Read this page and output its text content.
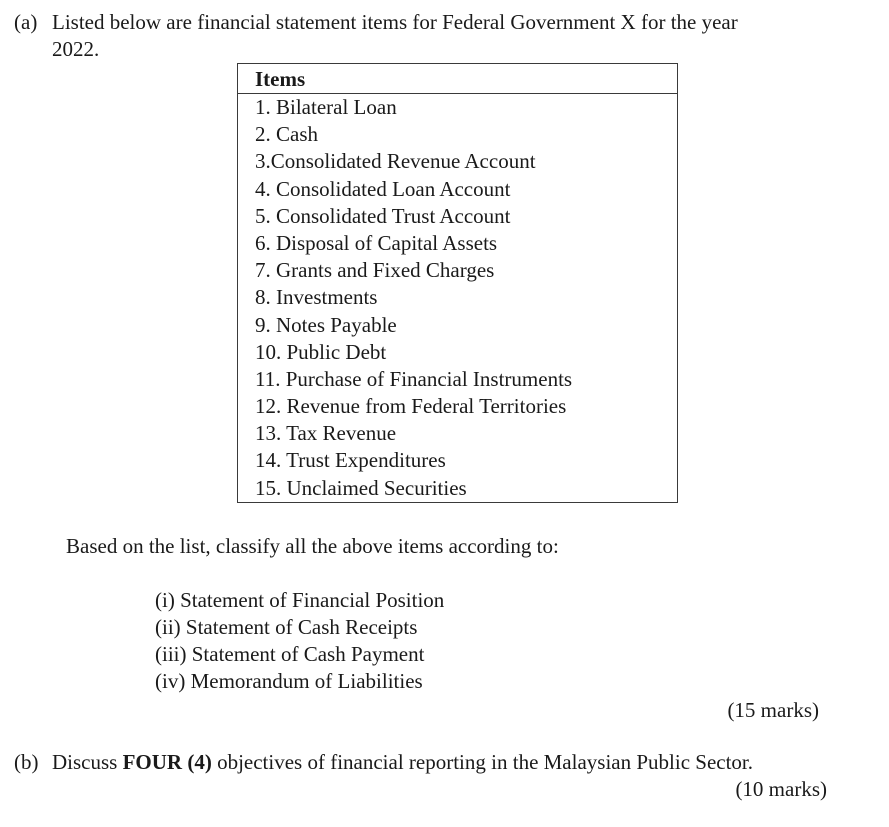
(a) Listed below are financial statement items for Federal Government X for the year
2022.
Items
1. Bilateral Loan
2. Cash
3.Consolidated Revenue Account
4. Consolidated Loan Account
5. Consolidated Trust Account
6. Disposal of Capital Assets
7. Grants and Fixed Charges
8. Investments
9. Notes Payable
10. Public Debt
11. Purchase of Financial Instruments
12. Revenue from Federal Territories
13. Tax Revenue
14. Trust Expenditures
15. Unclaimed Securities
Based on the list, classify all the above items according to:
(i) Statement of Financial Position
(ii) Statement of Cash Receipts
(iii) Statement of Cash Payment
(iv) Memorandum of Liabilities
(15 marks)
(b) Discuss FOUR (4) objectives of financial reporting in the Malaysian Public Sector.
(10 marks)
